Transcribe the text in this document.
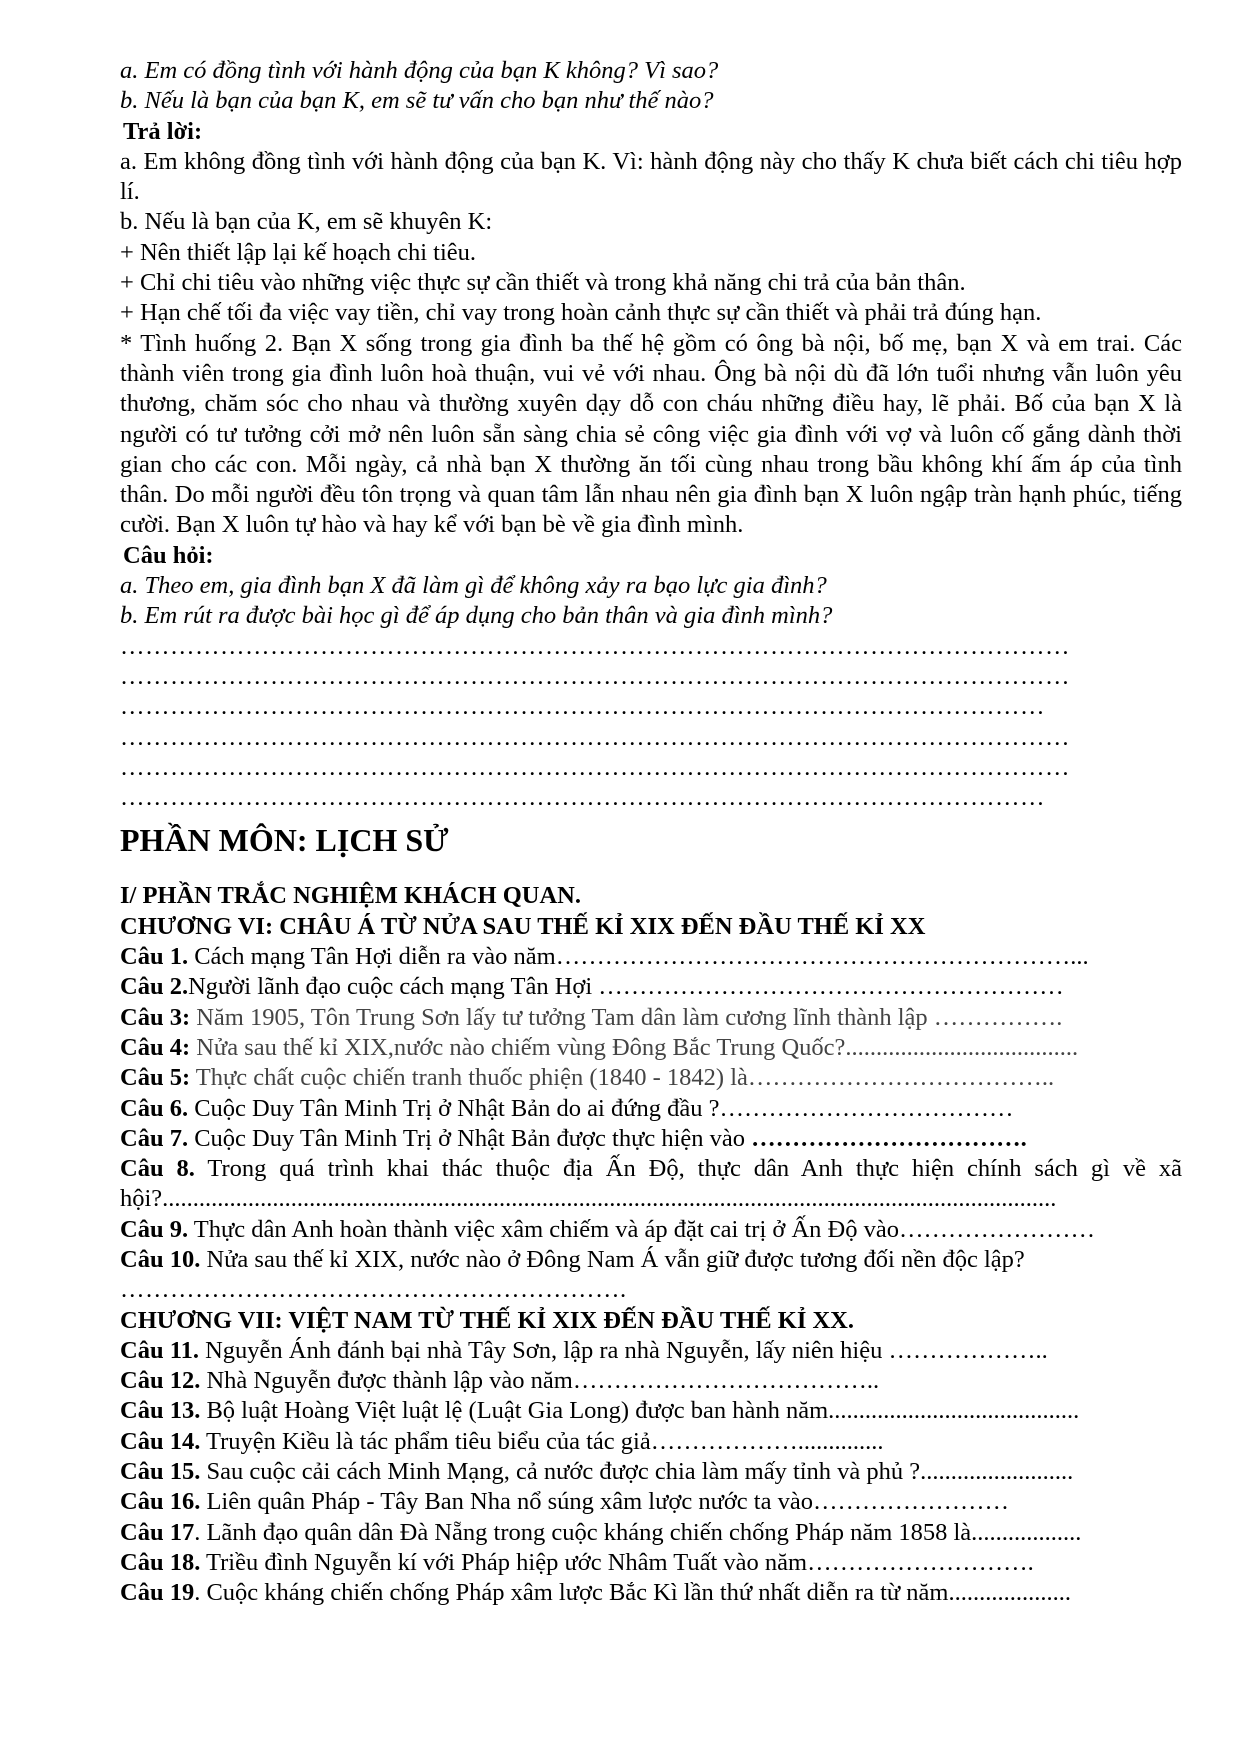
a. Em có đồng tình với hành động của bạn K không? Vì sao?
b. Nếu là bạn của bạn K, em sẽ tư vấn cho bạn như thế nào?
Trả lời:
a. Em không đồng tình với hành động của bạn K. Vì: hành động này cho thấy K chưa biết cách chi tiêu hợp lí.
b. Nếu là bạn của K, em sẽ khuyên K:
+ Nên thiết lập lại kế hoạch chi tiêu.
+ Chỉ chi tiêu vào những việc thực sự cần thiết và trong khả năng chi trả của bản thân.
+ Hạn chế tối đa việc vay tiền, chỉ vay trong hoàn cảnh thực sự cần thiết và phải trả đúng hạn.
* Tình huống 2. Bạn X sống trong gia đình ba thế hệ gồm có ông bà nội, bố mẹ, bạn X và em trai. Các thành viên trong gia đình luôn hoà thuận, vui vẻ với nhau. Ông bà nội dù đã lớn tuổi nhưng vẫn luôn yêu thương, chăm sóc cho nhau và thường xuyên dạy dỗ con cháu những điều hay, lẽ phải. Bố của bạn X là người có tư tưởng cởi mở nên luôn sẵn sàng chia sẻ công việc gia đình với vợ và luôn cố gắng dành thời gian cho các con. Mỗi ngày, cả nhà bạn X thường ăn tối cùng nhau trong bầu không khí ấm áp của tình thân. Do mỗi người đều tôn trọng và quan tâm lẫn nhau nên gia đình bạn X luôn ngập tràn hạnh phúc, tiếng cười. Bạn X luôn tự hào và hay kể với bạn bè về gia đình mình.
Câu hỏi:
a. Theo em, gia đình bạn X đã làm gì để không xảy ra bạo lực gia đình?
b. Em rút ra được bài học gì để áp dụng cho bản thân và gia đình mình?
……………………………………………………………………………………………………
……………………………………………………………………………………………………
…………………………………………………………………………………………………
……………………………………………………………………………………………………
……………………………………………………………………………………………………
…………………………………………………………………………………………………
PHẦN MÔN: LỊCH SỬ
I/ PHẦN TRẮC NGHIỆM KHÁCH QUAN.
CHƯƠNG VI: CHÂU Á TỪ NỬA SAU THẾ KỈ XIX ĐẾN ĐẦU THẾ KỈ XX
Câu 1. Cách mạng Tân Hợi diễn ra vào năm………………………………………………………...
Câu 2.Người lãnh đạo cuộc cách mạng Tân Hợi …………………………………………………
Câu 3: Năm 1905, Tôn Trung Sơn lấy tư tưởng Tam dân làm cương lĩnh thành lập …………….
Câu 4: Nửa sau thế kỉ XIX,nước nào chiếm vùng Đông Bắc Trung Quốc?......................................
Câu 5: Thực chất cuộc chiến tranh thuốc phiện (1840 - 1842) là………………………………..
Câu 6. Cuộc Duy Tân Minh Trị ở Nhật Bản do ai đứng đầu ?………………………………
Câu 7. Cuộc Duy Tân Minh Trị ở Nhật Bản được thực hiện vào …………………………….
Câu 8. Trong quá trình khai thác thuộc địa Ấn Độ, thực dân Anh thực hiện chính sách gì về xã hội?..................................................................................................................................................
Câu 9. Thực dân Anh hoàn thành việc xâm chiếm và áp đặt cai trị ở Ấn Độ vào……………………
Câu 10. Nửa sau thế kỉ XIX, nước nào ở Đông Nam Á vẫn giữ được tương đối nền độc lập?
…………………………………………………….
CHƯƠNG VII: VIỆT NAM TỪ THẾ KỈ XIX ĐẾN ĐẦU THẾ KỈ XX.
Câu 11. Nguyễn Ánh đánh bại nhà Tây Sơn, lập ra nhà Nguyễn, lấy niên hiệu ………………..
Câu 12. Nhà Nguyễn được thành lập vào năm………………………………..
Câu 13. Bộ luật Hoàng Việt luật lệ (Luật Gia Long) được ban hành năm.........................................
Câu 14. Truyện Kiều là tác phẩm tiêu biểu của tác giả………………..............
Câu 15. Sau cuộc cải cách Minh Mạng, cả nước được chia làm mấy tỉnh và phủ ?.........................
Câu 16. Liên quân Pháp - Tây Ban Nha nổ súng xâm lược nước ta vào……………………
Câu 17. Lãnh đạo quân dân Đà Nẵng trong cuộc kháng chiến chống Pháp năm 1858 là..................
Câu 18. Triều đình Nguyễn kí với Pháp hiệp ước Nhâm Tuất vào năm……………………….
Câu 19. Cuộc kháng chiến chống Pháp xâm lược Bắc Kì lần thứ nhất diễn ra từ năm....................
